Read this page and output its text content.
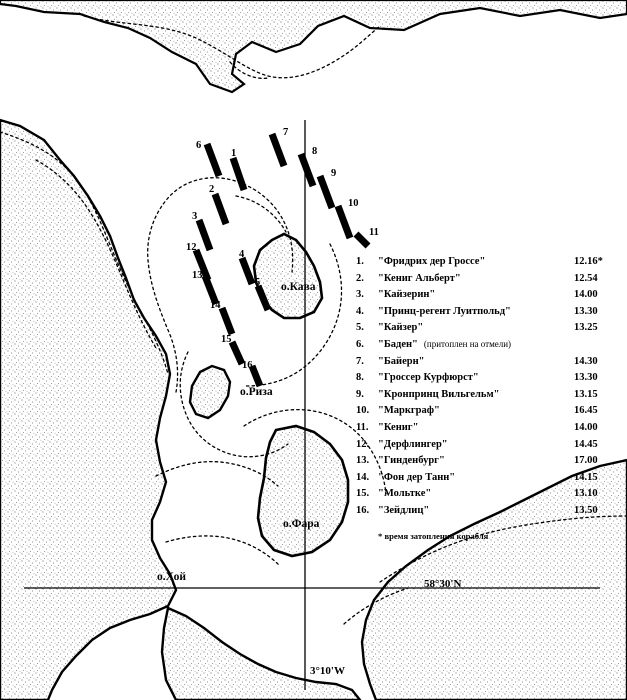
6
1
7
8
9
2
10
3
11
12
4
13
5
14
15
16
о.Кава
о.Риза
о.Фара
о.Хой
58°30'N
3°10'W
1.	"Фридрих дер Гроссе"	12.16*
2.	"Кениг Альберт"	12.54
3.	"Кайзерин"	14.00
4.	"Принц-регент Луитпольд"	13.30
5.	"Кайзер"	13.25
6.	"Баден" (притоплен на отмели)
7.	"Байерн"	14.30
8.	"Гроссер Курфюрст"	13.30
9.	"Кронпринц Вильгельм"	13.15
10. "Маркграф"	16.45
11. "Кениг"	14.00
12. "Дерфлингер"	14.45
13. "Гинденбург"	17.00
14. "Фон дер Танн"	14.15
15. "Мольтке"	13.10
16. "Зейдлиц"	13.50
* время затопления корабля
